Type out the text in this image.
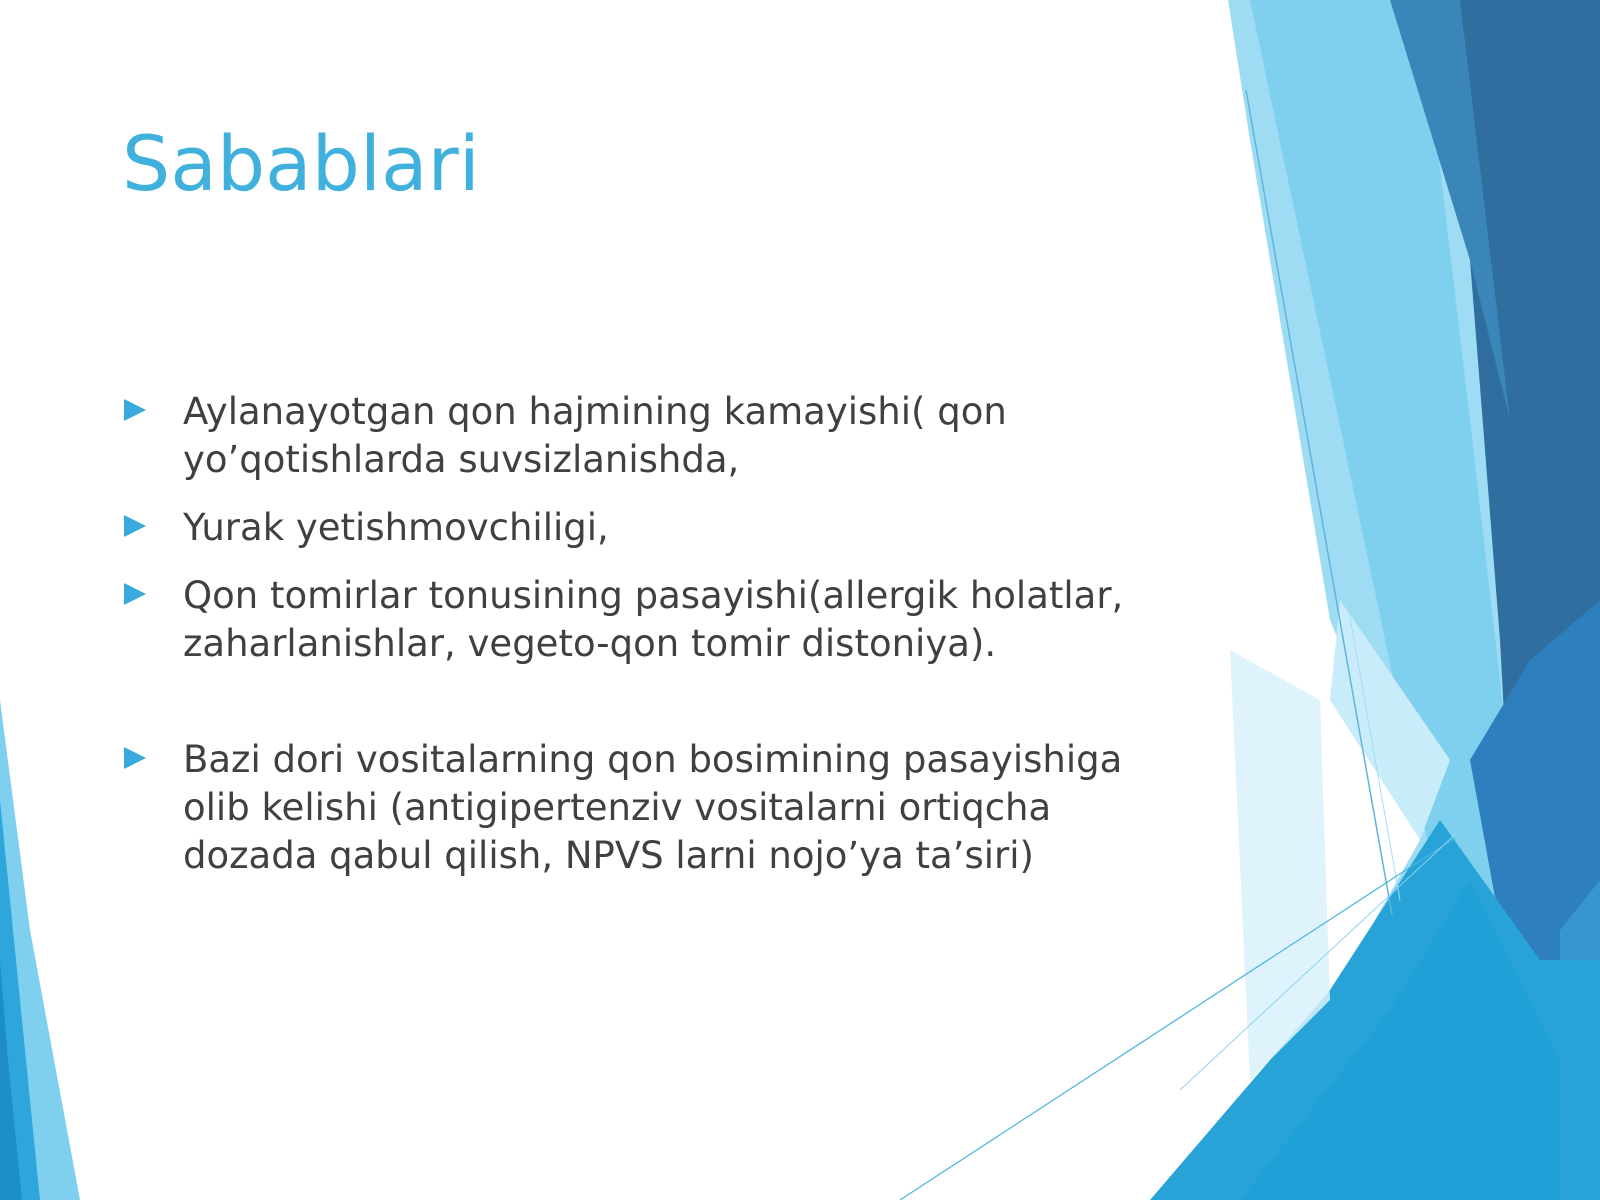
Sabablari
Aylanayotgan qon hajmining kamayishi( qon yo’qotishlarda suvsizlanishda,
Yurak yetishmovchiligi,
Qon tomirlar tonusining pasayishi(allergik holatlar, zaharlanishlar, vegeto-qon tomir distoniya).
Bazi dori vositalarning qon bosimining pasayishiga olib kelishi (antigipertenziv vositalarni ortiqcha dozada qabul qilish, NPVS larni nojo’ya ta’siri)
